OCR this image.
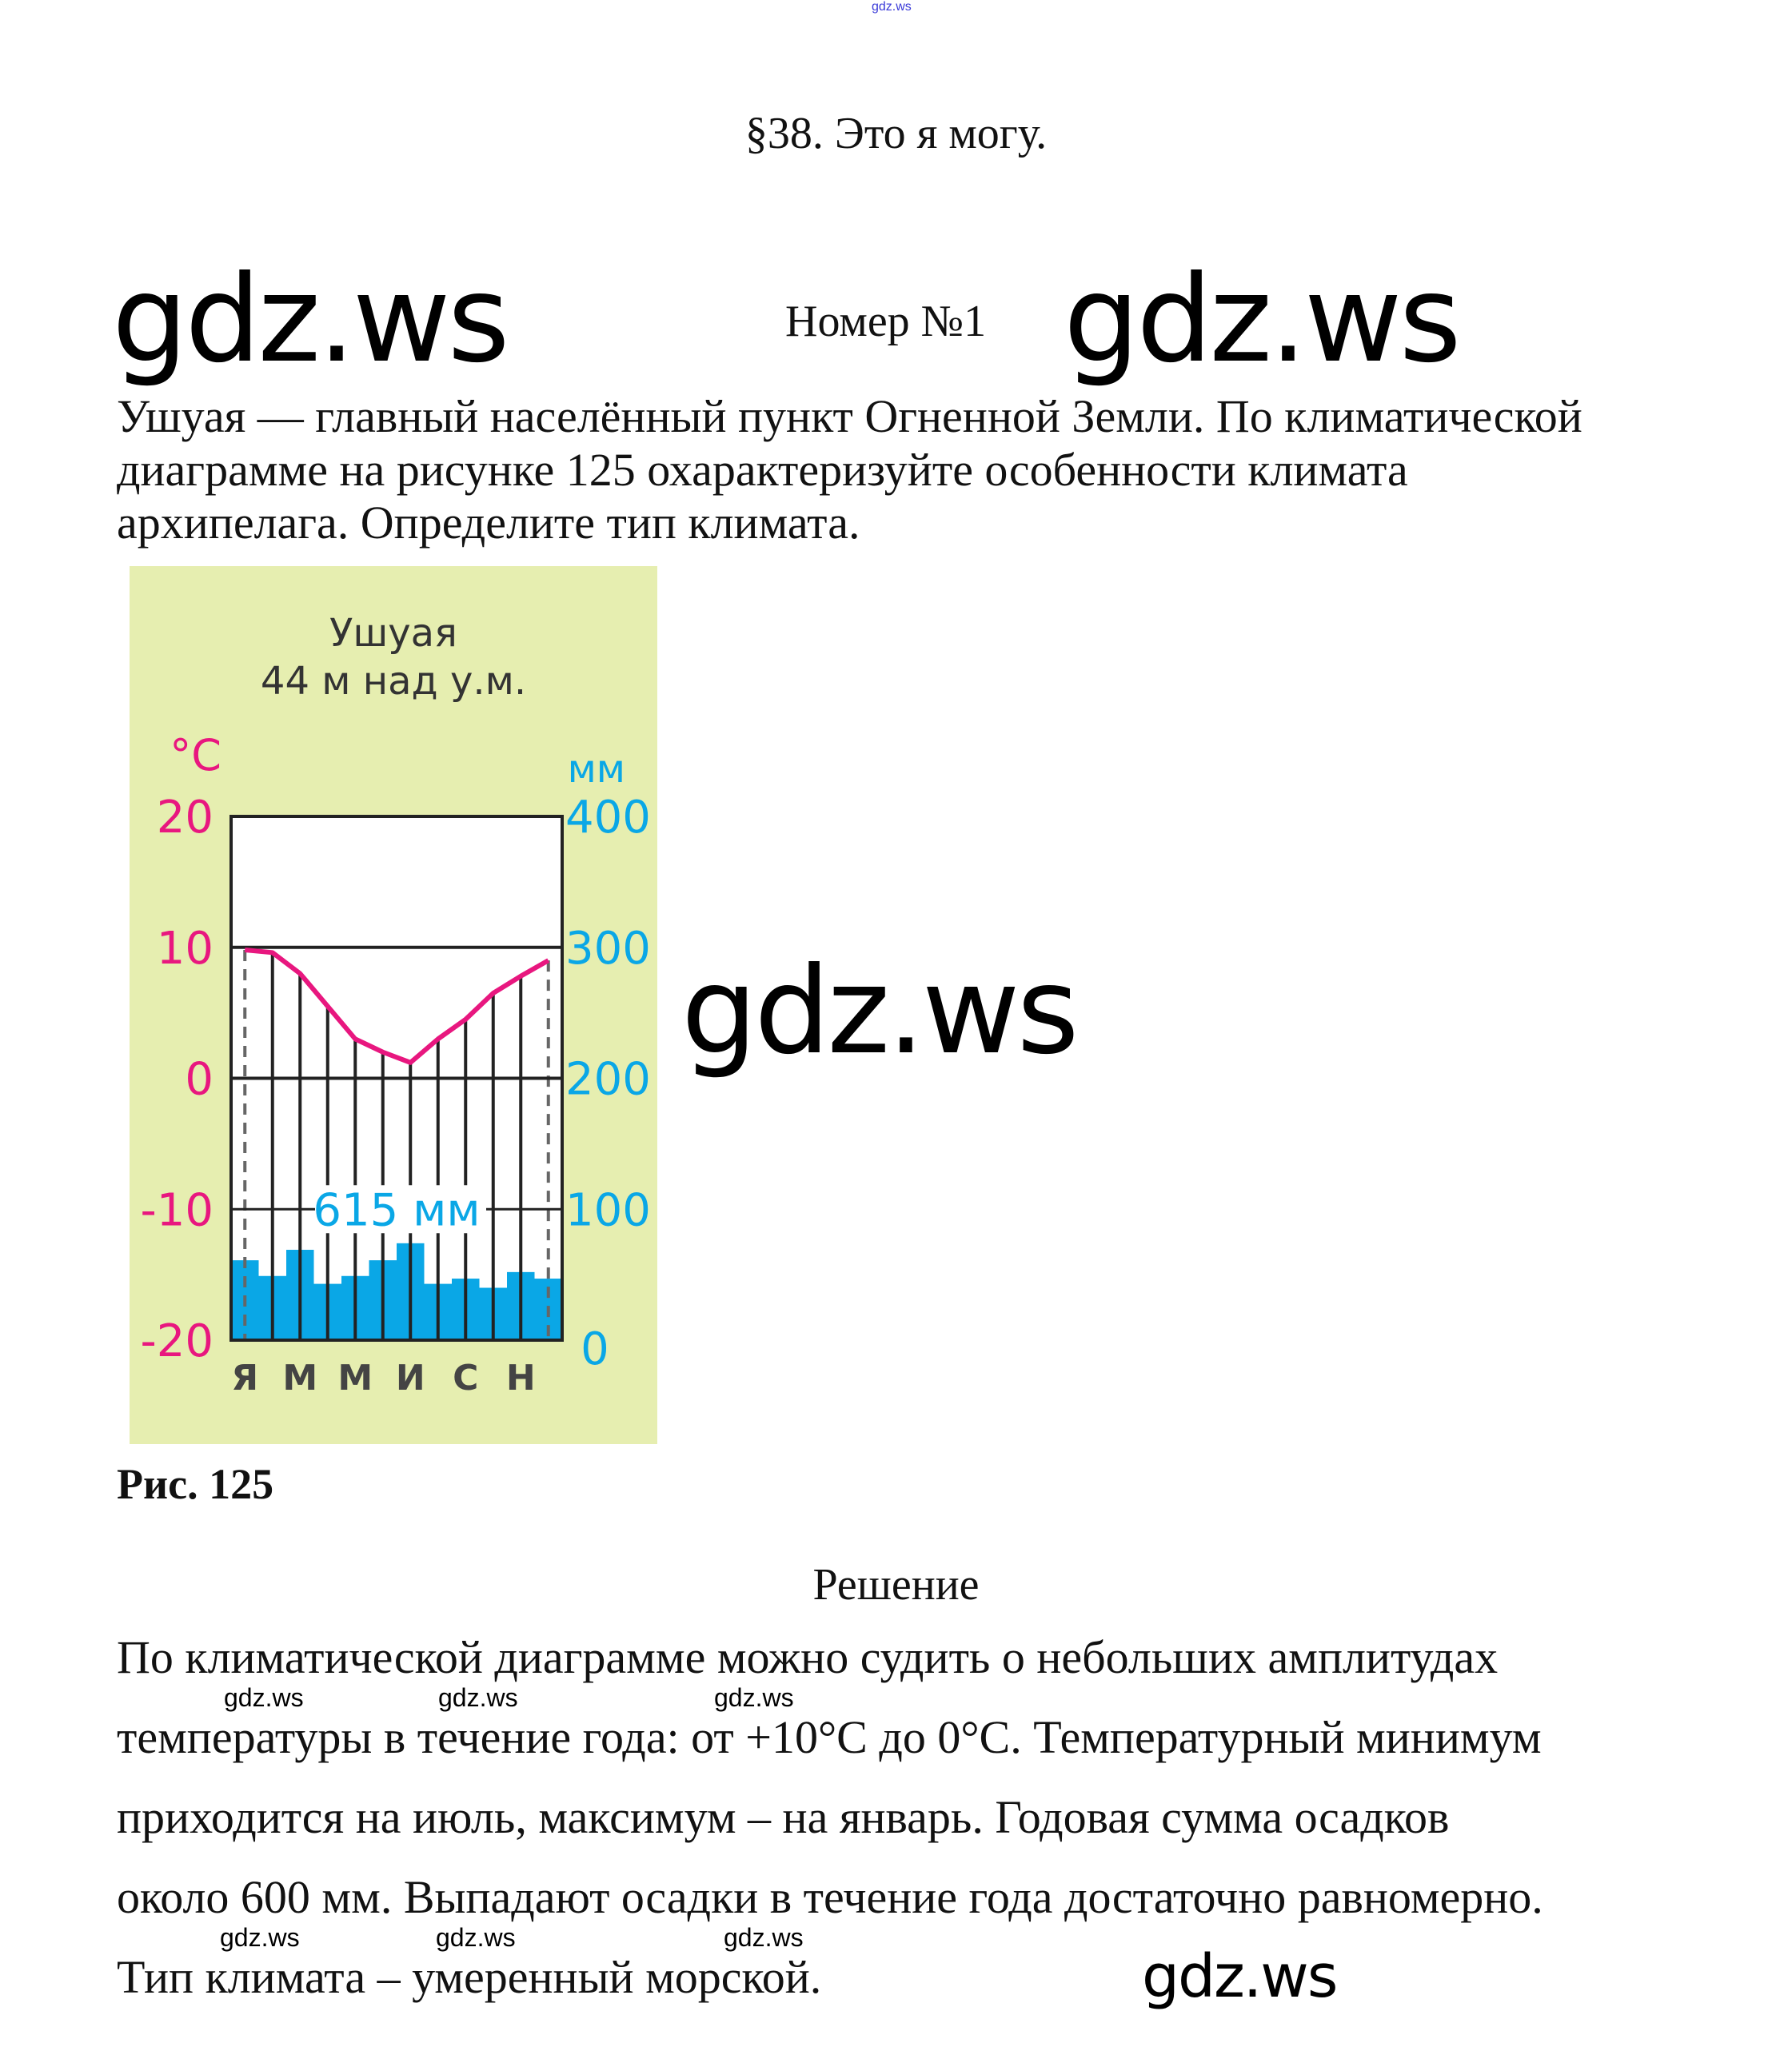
gdz.ws
§38. Это я могу.
gdz.ws	Номер №1 gdz.ws
Ушуая — главный населённый пункт Огненной Земли. По климатической
диаграмме на рисунке 125 охарактеризуйте особенности климата
архипелага. Определите тип климата.
Ушуая
44 м над у.м.
615 мм
°C	мм
20
10
0
-10
-20
400
300
200
100
0
Я М М И С Н
gdz.ws
Рис. 125
Решение
По климатической диаграмме можно судить о небольших амплитудах
температуры в течение года: от +10°С до 0°С. Температурный минимум
приходится на июль, максимум – на январь. Годовая сумма осадков
около 600 мм. Выпадают осадки в течение года достаточно равномерно.
Тип климата – умеренный морской.
gdz.ws	gdz.ws	gdz.ws
gdz.ws	gdz.ws	gdz.ws
gdz.ws
